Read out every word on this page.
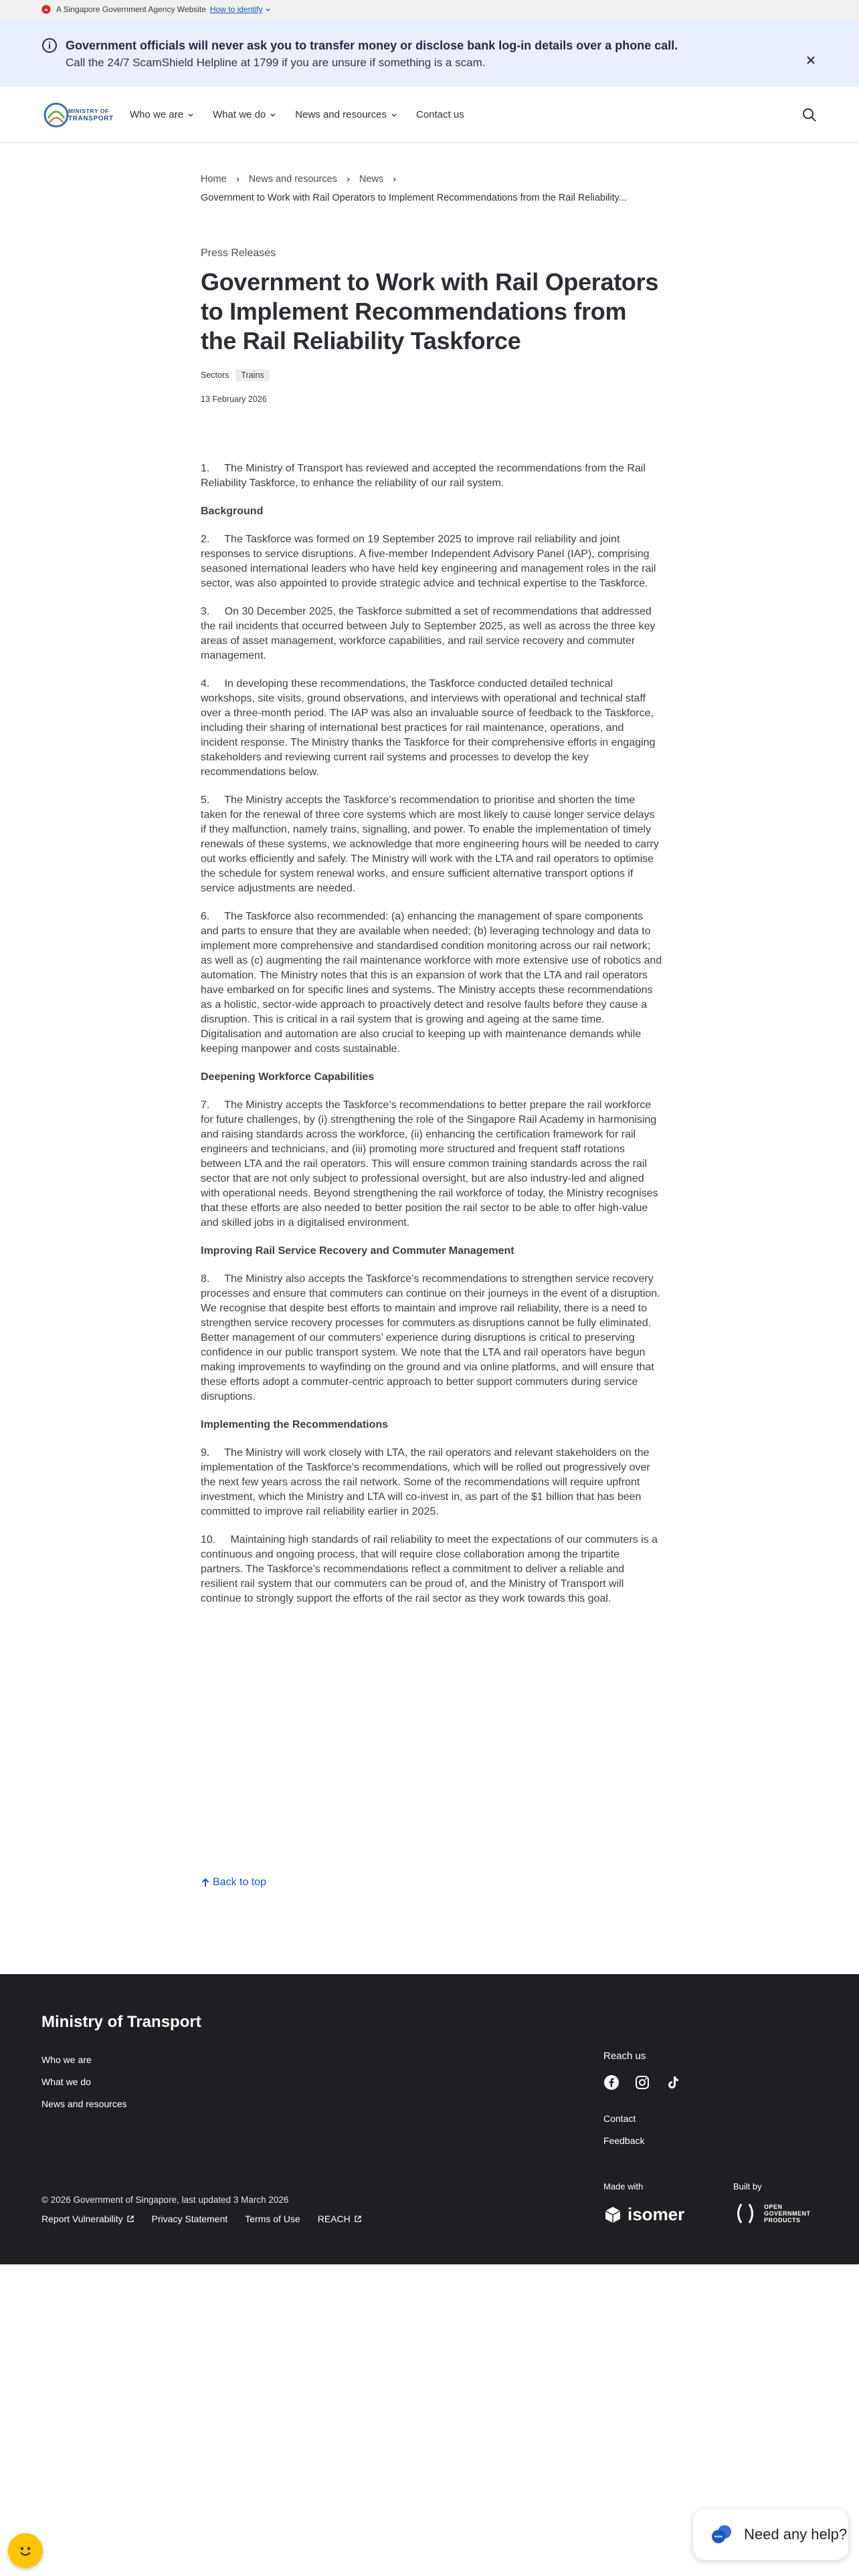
A Singapore Government Agency Website How to identify
Government officials will never ask you to transfer money or disclose bank log-in details over a phone call.
Call the 24/7 ScamShield Helpline at 1799 if you are unsure if something is a scam.
MINISTRY OF
TRANSPORT Who we are	What we do	News and resources	Contact us
Home News and resources News
Government to Work with Rail Operators to Implement Recommendations from the Rail Reliability...
Press Releases
Government to Work with Rail Operators to Implement Recommendations from the Rail Reliability Taskforce
Sectors	Trains
13 February 2026

1.     The Ministry of Transport has reviewed and accepted the recommendations from the Rail Reliability Taskforce, to enhance the reliability of our rail system.

Background

2.     The Taskforce was formed on 19 September 2025 to improve rail reliability and joint responses to service disruptions. A five-member Independent Advisory Panel (IAP), comprising seasoned international leaders who have held key engineering and management roles in the rail sector, was also appointed to provide strategic advice and technical expertise to the Taskforce.

3.     On 30 December 2025, the Taskforce submitted a set of recommendations that addressed the rail incidents that occurred between July to September 2025, as well as across the three key areas of asset management, workforce capabilities, and rail service recovery and commuter management.

4.     In developing these recommendations, the Taskforce conducted detailed technical workshops, site visits, ground observations, and interviews with operational and technical staff over a three-month period. The IAP was also an invaluable source of feedback to the Taskforce, including their sharing of international best practices for rail maintenance, operations, and incident response. The Ministry thanks the Taskforce for their comprehensive efforts in engaging stakeholders and reviewing current rail systems and processes to develop the key recommendations below.

5.     The Ministry accepts the Taskforce’s recommendation to prioritise and shorten the time taken for the renewal of three core systems which are most likely to cause longer service delays if they malfunction, namely trains, signalling, and power. To enable the implementation of timely renewals of these systems, we acknowledge that more engineering hours will be needed to carry out works efficiently and safely. The Ministry will work with the LTA and rail operators to optimise the schedule for system renewal works, and ensure sufficient alternative transport options if service adjustments are needed.

6.     The Taskforce also recommended: (a) enhancing the management of spare components and parts to ensure that they are available when needed; (b) leveraging technology and data to implement more comprehensive and standardised condition monitoring across our rail network; as well as (c) augmenting the rail maintenance workforce with more extensive use of robotics and automation. The Ministry notes that this is an expansion of work that the LTA and rail operators have embarked on for specific lines and systems. The Ministry accepts these recommendations as a holistic, sector-wide approach to proactively detect and resolve faults before they cause a disruption. This is critical in a rail system that is growing and ageing at the same time. Digitalisation and automation are also crucial to keeping up with maintenance demands while keeping manpower and costs sustainable.

Deepening Workforce Capabilities

7.     The Ministry accepts the Taskforce’s recommendations to better prepare the rail workforce for future challenges, by (i) strengthening the role of the Singapore Rail Academy in harmonising and raising standards across the workforce, (ii) enhancing the certification framework for rail engineers and technicians, and (iii) promoting more structured and frequent staff rotations between LTA and the rail operators. This will ensure common training standards across the rail sector that are not only subject to professional oversight, but are also industry-led and aligned with operational needs. Beyond strengthening the rail workforce of today, the Ministry recognises that these efforts are also needed to better position the rail sector to be able to offer high-value and skilled jobs in a digitalised environment.

Improving Rail Service Recovery and Commuter Management

8.     The Ministry also accepts the Taskforce’s recommendations to strengthen service recovery processes and ensure that commuters can continue on their journeys in the event of a disruption. We recognise that despite best efforts to maintain and improve rail reliability, there is a need to strengthen service recovery processes for commuters as disruptions cannot be fully eliminated. Better management of our commuters’ experience during disruptions is critical to preserving confidence in our public transport system. We note that the LTA and rail operators have begun making improvements to wayfinding on the ground and via online platforms, and will ensure that these efforts adopt a commuter-centric approach to better support commuters during service disruptions.

Implementing the Recommendations

9.     The Ministry will work closely with LTA, the rail operators and relevant stakeholders on the implementation of the Taskforce’s recommendations, which will be rolled out progressively over the next few years across the rail network. Some of the recommendations will require upfront investment, which the Ministry and LTA will co-invest in, as part of the $1 billion that has been committed to improve rail reliability earlier in 2025.

10.     Maintaining high standards of rail reliability to meet the expectations of our commuters is a continuous and ongoing process, that will require close collaboration among the tripartite partners. The Taskforce’s recommendations reflect a commitment to deliver a reliable and resilient rail system that our commuters can be proud of, and the Ministry of Transport will continue to strongly support the efforts of the rail sector as they work towards this goal.

Back to top
Ministry of Transport
Who we are
What we do
News and resources
Reach us
Contact
Feedback
© 2026 Government of Singapore, last updated 3 March 2026
Report Vulnerability	Privacy Statement Terms of Use REACH
Made with
isomer
Built by
OPEN
GOVERNMENT
PRODUCTS
Need any help?
